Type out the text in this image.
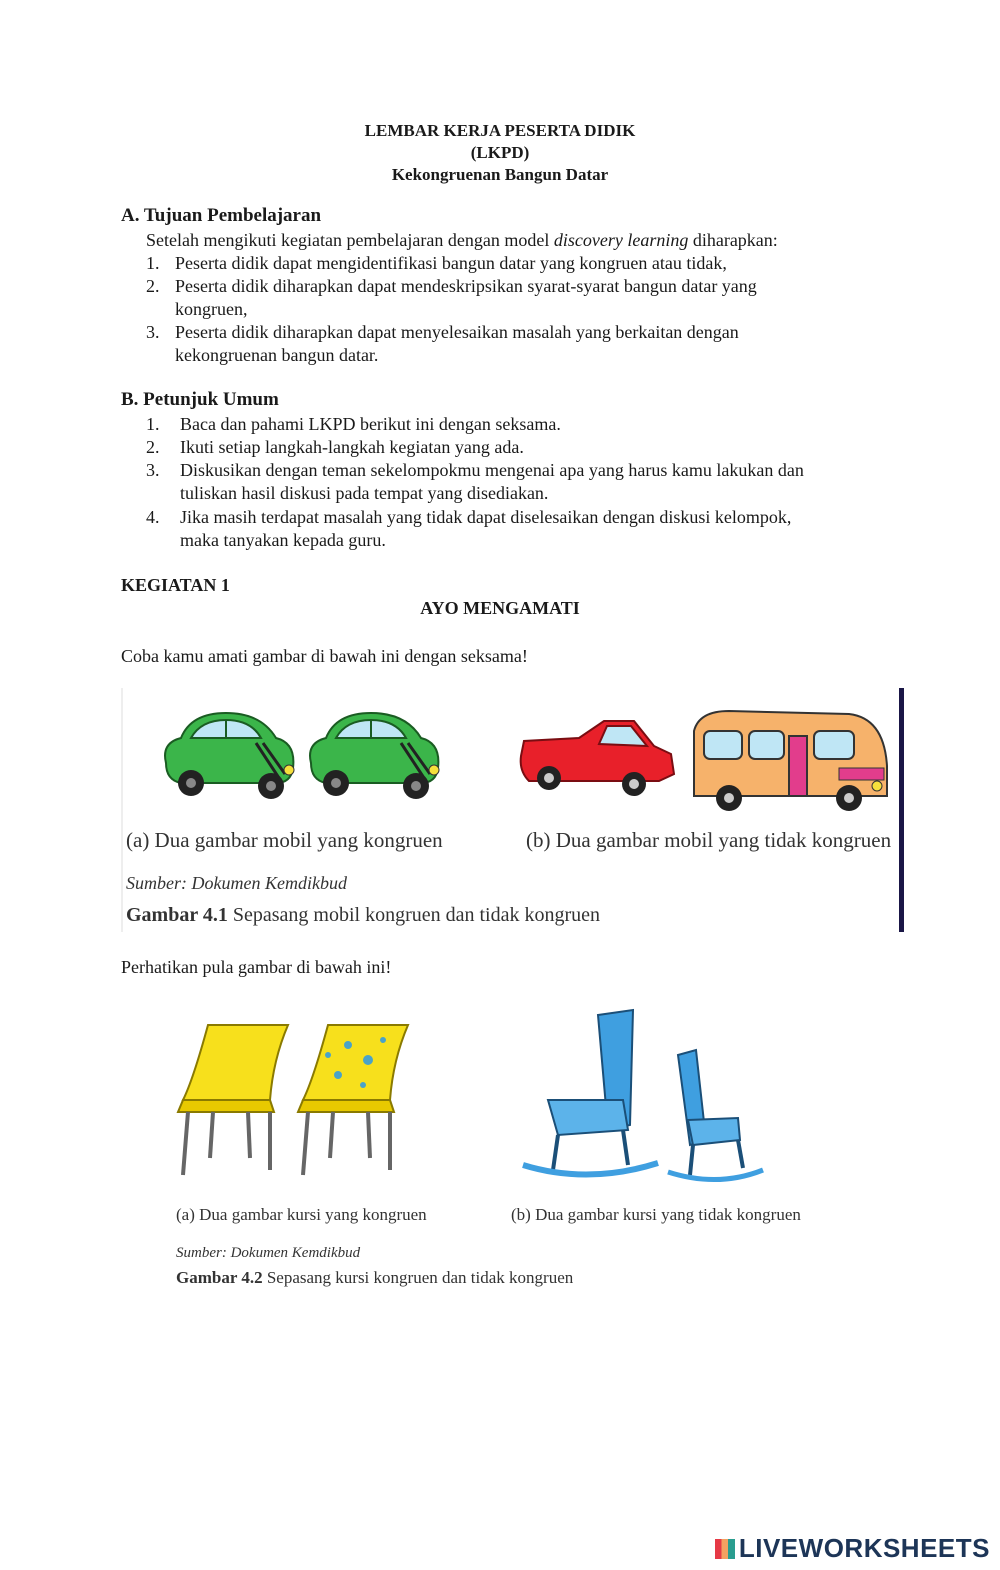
LEMBAR KERJA PESERTA DIDIK
(LKPD)
Kekongruenan Bangun Datar
A. Tujuan Pembelajaran
Setelah mengikuti kegiatan pembelajaran dengan model discovery learning diharapkan:
1. Peserta didik dapat mengidentifikasi bangun datar yang kongruen atau tidak,
2. Peserta didik diharapkan dapat mendeskripsikan syarat-syarat bangun datar yang
kongruen,
3. Peserta didik diharapkan dapat menyelesaikan masalah yang berkaitan dengan
kekongruenan bangun datar.
B. Petunjuk Umum
1. Baca dan pahami LKPD berikut ini dengan seksama.
2. Ikuti setiap langkah-langkah kegiatan yang ada.
3. Diskusikan dengan teman sekelompokmu mengenai apa yang harus kamu lakukan dan
tuliskan hasil diskusi pada tempat yang disediakan.
4. Jika masih terdapat masalah yang tidak dapat diselesaikan dengan diskusi kelompok,
maka tanyakan kepada guru.
KEGIATAN 1
AYO MENGAMATI
Coba kamu amati gambar di bawah ini dengan seksama!
(a) Dua gambar mobil yang kongruen	(b) Dua gambar mobil yang tidak kongruen
Sumber: Dokumen Kemdikbud
Gambar 4.1 Sepasang mobil kongruen dan tidak kongruen
Perhatikan pula gambar di bawah ini!
(a) Dua gambar kursi yang kongruen	(b) Dua gambar kursi yang tidak kongruen
Sumber: Dokumen Kemdikbud
Gambar 4.2 Sepasang kursi kongruen dan tidak kongruen
LIVEWORKSHEETS
